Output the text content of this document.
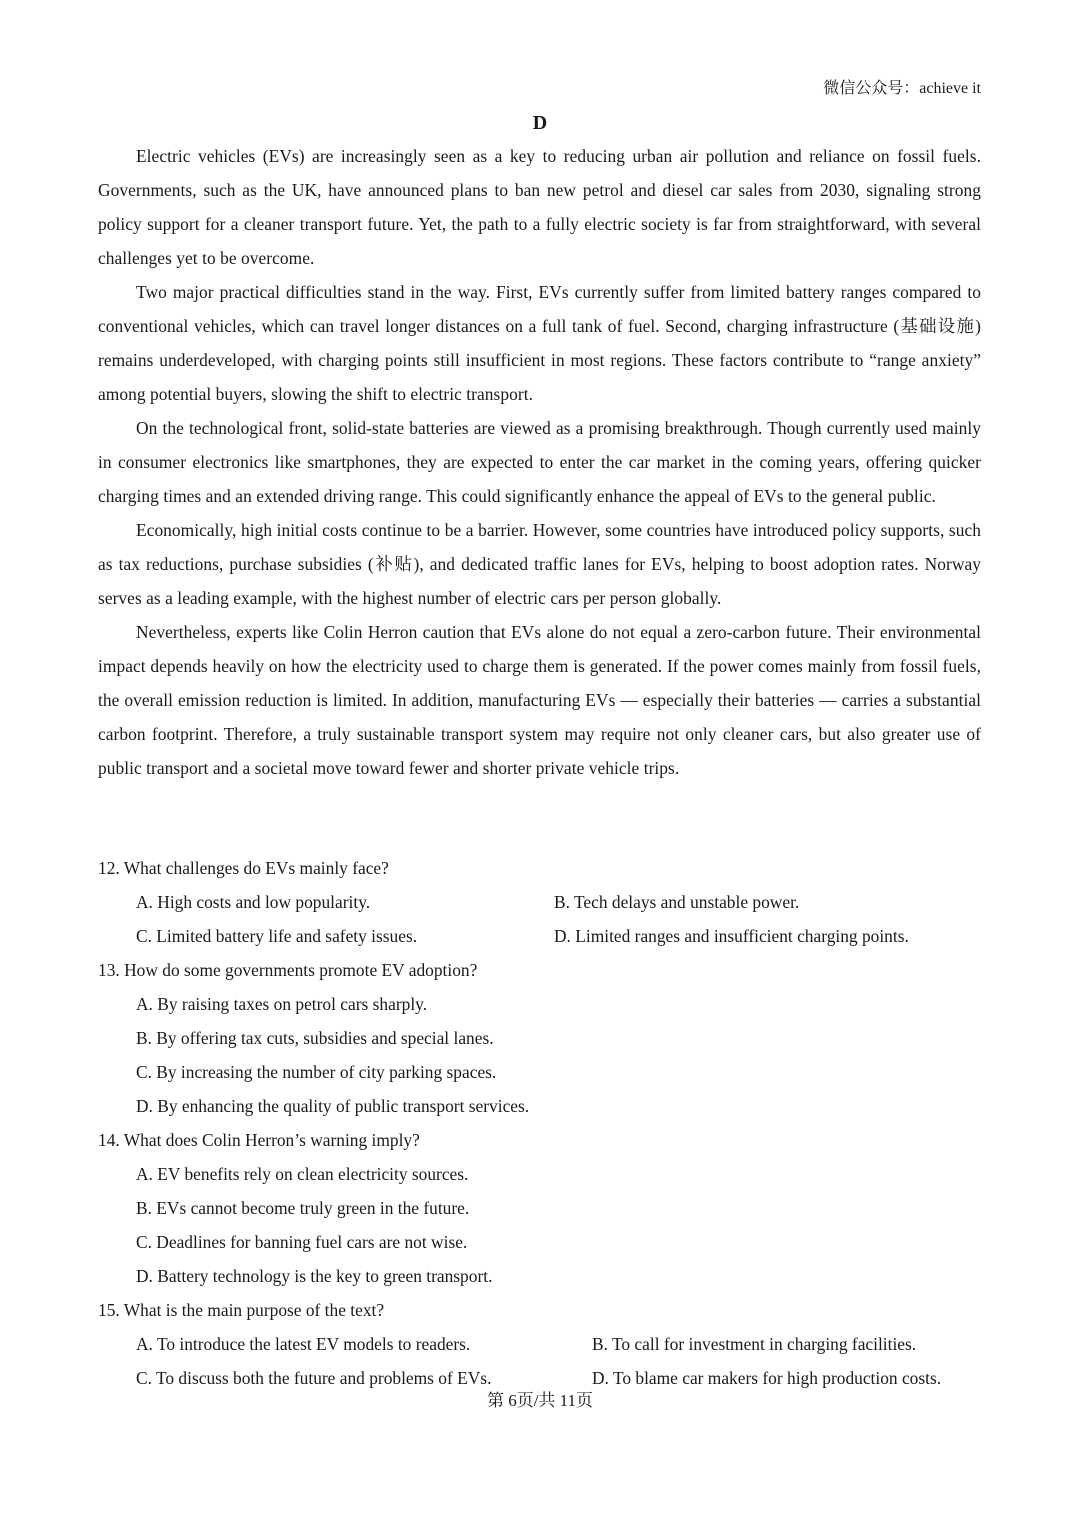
微信公众号：achieve it
D

Electric vehicles (EVs) are increasingly seen as a key to reducing urban air pollution and reliance on fossil fuels. Governments, such as the UK, have announced plans to ban new petrol and diesel car sales from 2030, signaling strong policy support for a cleaner transport future. Yet, the path to a fully electric society is far from straightforward, with several challenges yet to be overcome.

Two major practical difficulties stand in the way. First, EVs currently suffer from limited battery ranges compared to conventional vehicles, which can travel longer distances on a full tank of fuel. Second, charging infrastructure (基础设施) remains underdeveloped, with charging points still insufficient in most regions. These factors contribute to “range anxiety” among potential buyers, slowing the shift to electric transport.

On the technological front, solid-state batteries are viewed as a promising breakthrough. Though currently used mainly in consumer electronics like smartphones, they are expected to enter the car market in the coming years, offering quicker charging times and an extended driving range. This could significantly enhance the appeal of EVs to the general public.

Economically, high initial costs continue to be a barrier. However, some countries have introduced policy supports, such as tax reductions, purchase subsidies (补贴), and dedicated traffic lanes for EVs, helping to boost adoption rates. Norway serves as a leading example, with the highest number of electric cars per person globally.

Nevertheless, experts like Colin Herron caution that EVs alone do not equal a zero-carbon future. Their environmental impact depends heavily on how the electricity used to charge them is generated. If the power comes mainly from fossil fuels, the overall emission reduction is limited. In addition, manufacturing EVs — especially their batteries — carries a substantial carbon footprint. Therefore, a truly sustainable transport system may require not only cleaner cars, but also greater use of public transport and a societal move toward fewer and shorter private vehicle trips.

12. What challenges do EVs mainly face?

A. High costs and low popularity.	B. Tech delays and unstable power.

C. Limited battery life and safety issues.	D. Limited ranges and insufficient charging points.

13. How do some governments promote EV adoption?

A. By raising taxes on petrol cars sharply.

B. By offering tax cuts, subsidies and special lanes.

C. By increasing the number of city parking spaces.

D. By enhancing the quality of public transport services.

14. What does Colin Herron’s warning imply?

A. EV benefits rely on clean electricity sources.

B. EVs cannot become truly green in the future.

C. Deadlines for banning fuel cars are not wise.

D. Battery technology is the key to green transport.

15. What is the main purpose of the text?

A. To introduce the latest EV models to readers.	B. To call for investment in charging facilities.

C. To discuss both the future and problems of EVs.	D. To blame car makers for high production costs.

第 6页/共 11页
